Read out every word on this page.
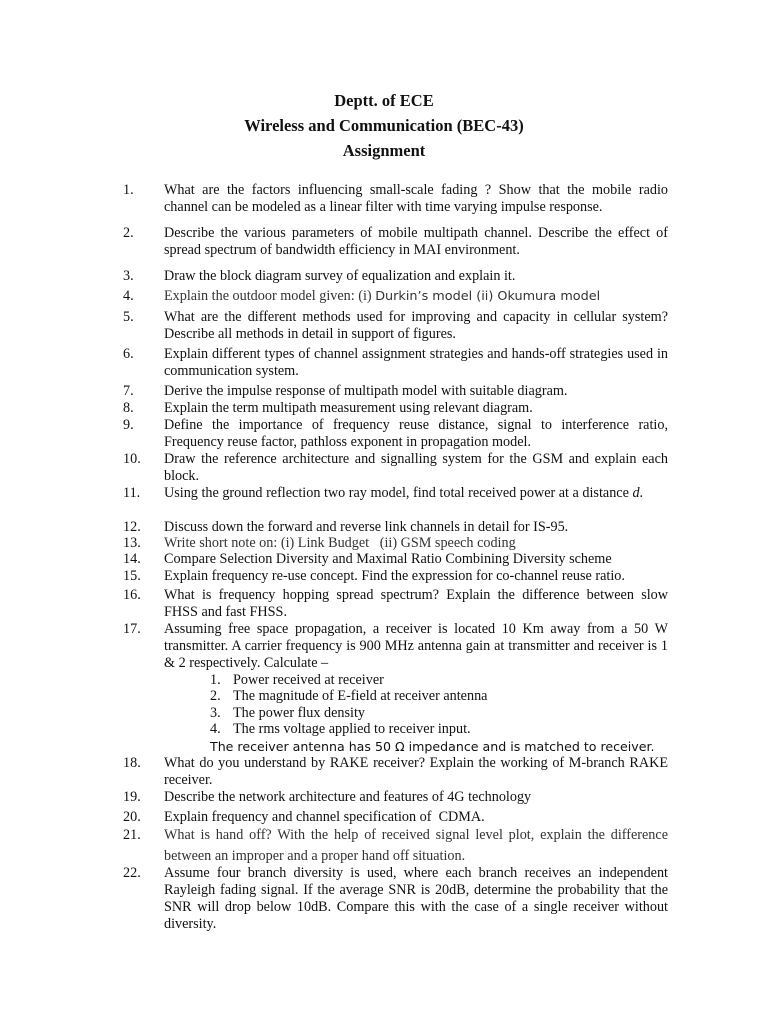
Deptt. of ECE
Wireless and Communication (BEC-43)
Assignment
1. What are the factors influencing small-scale fading ? Show that the mobile radio channel can be modeled as a linear filter with time varying impulse response.
2. Describe the various parameters of mobile multipath channel. Describe the effect of spread spectrum of bandwidth efficiency in MAI environment.
3. Draw the block diagram survey of equalization and explain it.
4. Explain the outdoor model given: (i) Durkin’s model (ii) Okumura model
5. What are the different methods used for improving and capacity in cellular system? Describe all methods in detail in support of figures.
6. Explain different types of channel assignment strategies and hands-off strategies used in communication system.
7. Derive the impulse response of multipath model with suitable diagram.
8. Explain the term multipath measurement using relevant diagram.
9. Define the importance of frequency reuse distance, signal to interference ratio, Frequency reuse factor, pathloss exponent in propagation model.
10. Draw the reference architecture and signalling system for the GSM and explain each block.
11. Using the ground reflection two ray model, find total received power at a distance d.
12. Discuss down the forward and reverse link channels in detail for IS-95.
13. Write short note on: (i) Link Budget   (ii) GSM speech coding
14. Compare Selection Diversity and Maximal Ratio Combining Diversity scheme
15. Explain frequency re-use concept. Find the expression for co-channel reuse ratio.
16. What is frequency hopping spread spectrum? Explain the difference between slow FHSS and fast FHSS.
17. Assuming free space propagation, a receiver is located 10 Km away from a 50 W transmitter. A carrier frequency is 900 MHz antenna gain at transmitter and receiver is 1 & 2 respectively. Calculate –
1. Power received at receiver
2. The magnitude of E-field at receiver antenna
3. The power flux density
4. The rms voltage applied to receiver input.
The receiver antenna has 50 Ω impedance and is matched to receiver.
18. What do you understand by RAKE receiver? Explain the working of M-branch RAKE receiver.
19. Describe the network architecture and features of 4G technology
20. Explain frequency and channel specification of  CDMA.
21. What is hand off? With the help of received signal level plot, explain the difference between an improper and a proper hand off situation.
22. Assume four branch diversity is used, where each branch receives an independent Rayleigh fading signal. If the average SNR is 20dB, determine the probability that the SNR will drop below 10dB. Compare this with the case of a single receiver without diversity.
